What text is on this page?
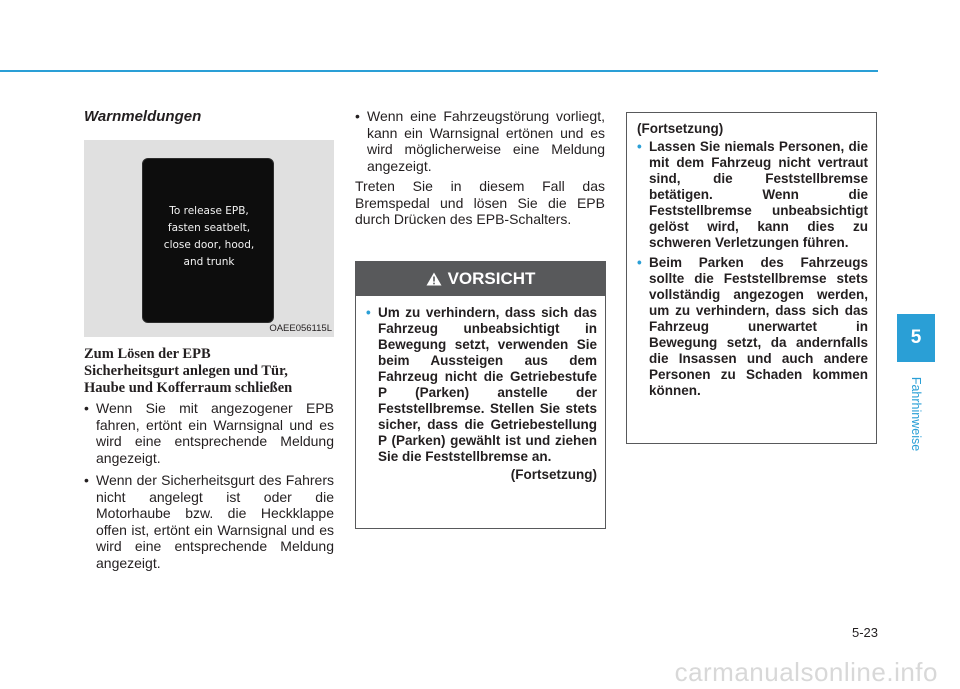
Warnmeldungen
To release EPB,
fasten seatbelt,
close door, hood,
and trunk
OAEE056115L
Zum Lösen der EPB
Sicherheitsgurt anlegen und Tür,
Haube und Kofferraum schließen
• Wenn Sie mit angezogener EPB fahren, ertönt ein Warnsignal und es wird eine entsprechende Meldung angezeigt.
• Wenn der Sicherheitsgurt des Fahrers nicht angelegt ist oder die Motorhaube bzw. die Heckklappe offen ist, ertönt ein Warnsignal und es wird eine entsprechende Meldung angezeigt.
• Wenn eine Fahrzeugstörung vorliegt, kann ein Warnsignal ertönen und es wird möglicherweise eine Meldung angezeigt.

Treten Sie in diesem Fall das Bremspedal und lösen Sie die EPB durch Drücken des EPB-Schalters.

VORSICHT
• Um zu verhindern, dass sich das Fahrzeug unbeabsichtigt in Bewegung setzt, verwenden Sie beim Aussteigen aus dem Fahrzeug nicht die Getriebestufe P (Parken) anstelle der Feststellbremse. Stellen Sie stets sicher, dass die Getriebestellung P (Parken) gewählt ist und ziehen Sie die Feststellbremse an.
(Fortsetzung)
(Fortsetzung)
• Lassen Sie niemals Personen, die mit dem Fahrzeug nicht vertraut sind, die Feststellbremse betätigen. Wenn die Feststellbremse unbeabsichtigt gelöst wird, kann dies zu schweren Verletzungen führen.
• Beim Parken des Fahrzeugs sollte die Feststellbremse stets vollständig angezogen werden, um zu verhindern, dass sich das Fahrzeug unerwartet in Bewegung setzt, da andernfalls die Insassen und auch andere Personen zu Schaden kommen können.
5
Fahrhinweise
5-23
carmanualsonline.info
